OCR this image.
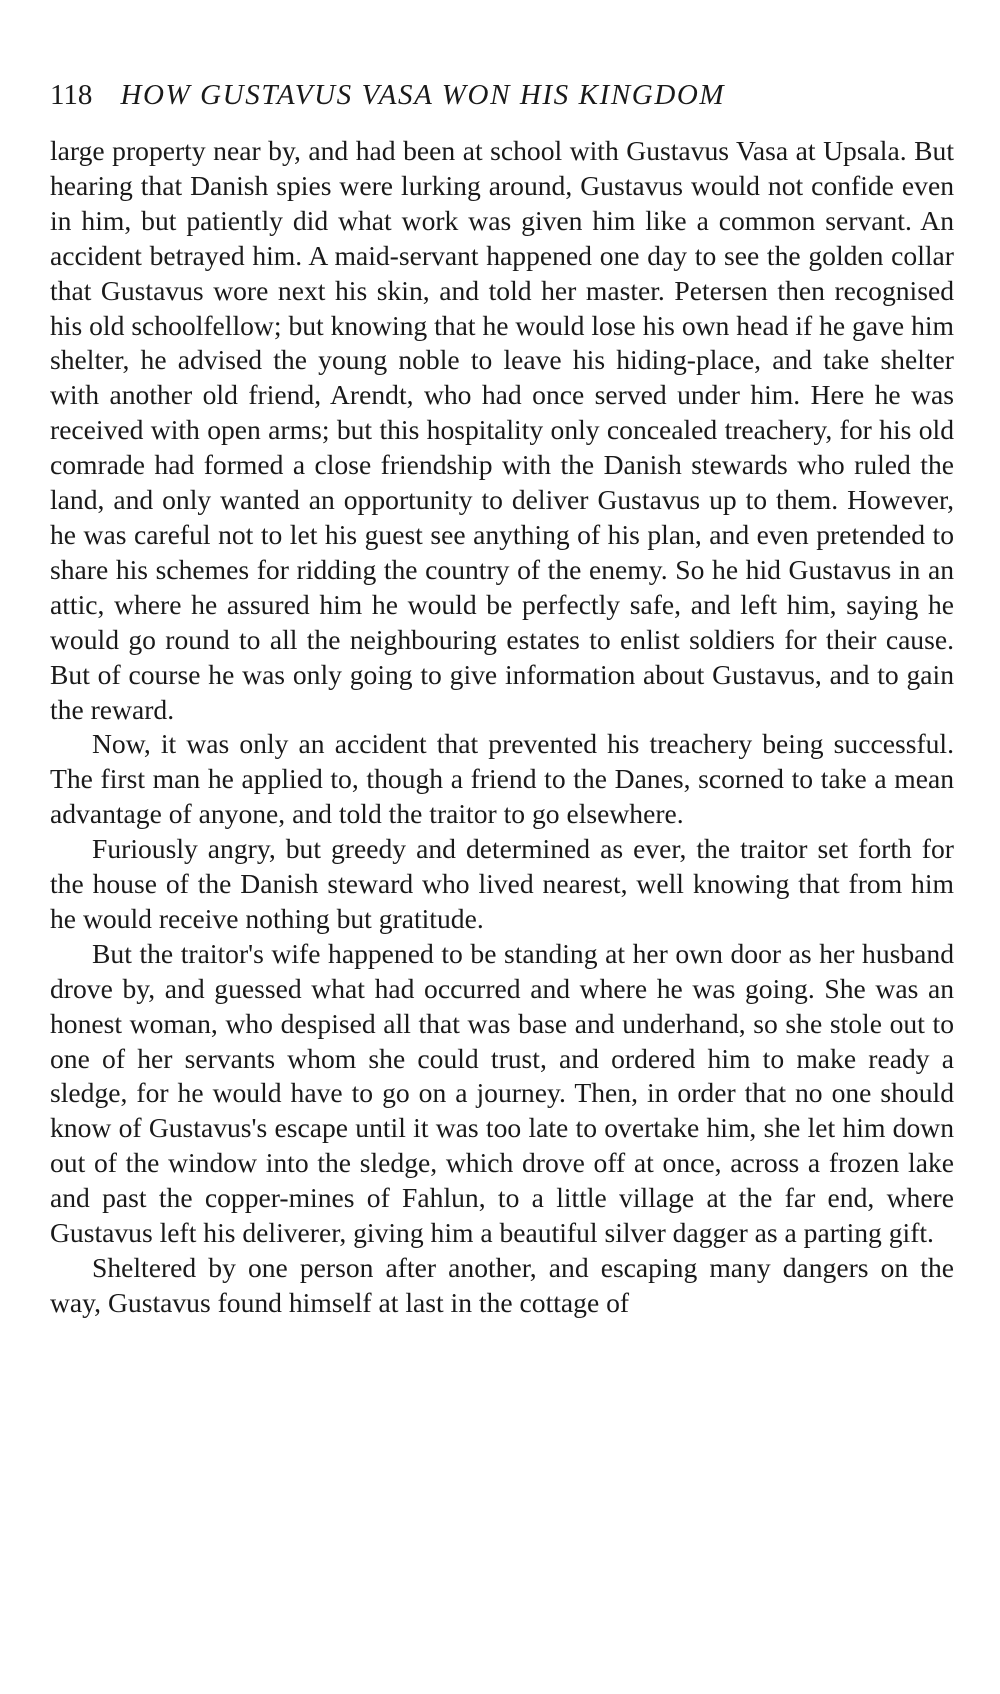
118 HOW GUSTAVUS VASA WON HIS KINGDOM

large property near by, and had been at school with Gustavus Vasa at Upsala. But hearing that Danish spies were lurking around, Gustavus would not confide even in him, but patiently did what work was given him like a common servant. An accident betrayed him. A maid-servant happened one day to see the golden collar that Gustavus wore next his skin, and told her master. Petersen then recognised his old schoolfellow; but knowing that he would lose his own head if he gave him shelter, he advised the young noble to leave his hiding-place, and take shelter with another old friend, Arendt, who had once served under him. Here he was received with open arms; but this hospitality only concealed treachery, for his old comrade had formed a close friendship with the Danish stewards who ruled the land, and only wanted an opportunity to deliver Gustavus up to them. However, he was careful not to let his guest see anything of his plan, and even pretended to share his schemes for ridding the country of the enemy. So he hid Gustavus in an attic, where he assured him he would be perfectly safe, and left him, saying he would go round to all the neighbouring estates to enlist soldiers for their cause. But of course he was only going to give information about Gustavus, and to gain the reward.

Now, it was only an accident that prevented his treachery being successful. The first man he applied to, though a friend to the Danes, scorned to take a mean advantage of anyone, and told the traitor to go elsewhere.

Furiously angry, but greedy and determined as ever, the traitor set forth for the house of the Danish steward who lived nearest, well knowing that from him he would receive nothing but gratitude.

But the traitor's wife happened to be standing at her own door as her husband drove by, and guessed what had occurred and where he was going. She was an honest woman, who despised all that was base and underhand, so she stole out to one of her servants whom she could trust, and ordered him to make ready a sledge, for he would have to go on a journey. Then, in order that no one should know of Gustavus's escape until it was too late to overtake him, she let him down out of the window into the sledge, which drove off at once, across a frozen lake and past the copper-mines of Fahlun, to a little village at the far end, where Gustavus left his deliverer, giving him a beautiful silver dagger as a parting gift.

Sheltered by one person after another, and escaping many dangers on the way, Gustavus found himself at last in the cottage of
